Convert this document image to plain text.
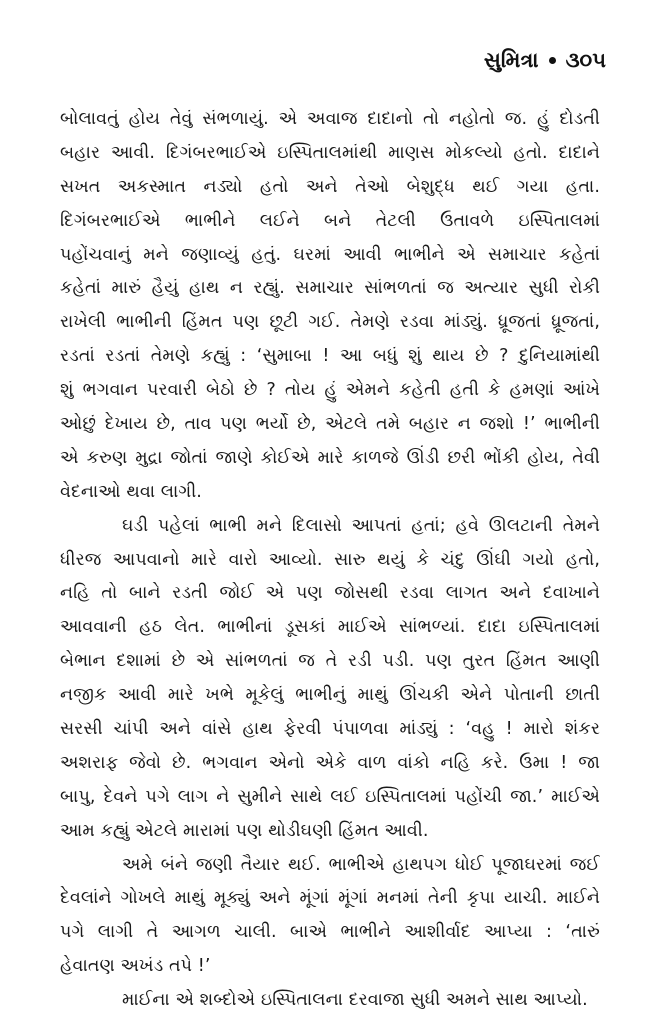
સુમિત્રા ૩૦૫
બોલાવતું હોય તેવું સંભળાયું. એ અવાજ દાદાનો તો નહોતો જ. હું દોડતી
બહાર આવી. દિગંબરભાઈએ ઇસ્પિતાલમાંથી માણસ મોકલ્યો હતો. દાદાને
સખત અકસ્માત નડ્યો હતો અને તેઓ બેશુદ્ધ થઈ ગયા હતા.
દિગંબરભાઈએ ભાભીને લઈને બને તેટલી ઉતાવળે ઇસ્પિતાલમાં
પહોંચવાનું મને જણાવ્યું હતું. ઘરમાં આવી ભાભીને એ સમાચાર કહેતાં
કહેતાં મારું હૈયું હાથ ન રહ્યું. સમાચાર સાંભળતાં જ અત્યાર સુધી રોકી
રાખેલી ભાભીની હિંમત પણ છૂટી ગઈ. તેમણે રડવા માંડ્યું. ધ્રૂજતાં ધ્રૂજતાં,
રડતાં રડતાં તેમણે કહ્યું : ‘સુમાબા ! આ બધું શું થાય છે ? દુનિયામાંથી
શું ભગવાન પરવારી બેઠો છે ? તોય હું એમને કહેતી હતી કે હમણાં આંખે
ઓછું દેખાય છે, તાવ પણ ભર્યો છે, એટલે તમે બહાર ન જશો !’ ભાભીની
એ કરુણ મુદ્રા જોતાં જાણે કોઈએ મારે કાળજે ઊંડી છરી ભોંકી હોય, તેવી
વેદનાઓ થવા લાગી.
ઘડી પહેલાં ભાભી મને દિલાસો આપતાં હતાં; હવે ઊલટાની તેમને
ધીરજ આપવાનો મારે વારો આવ્યો. સારુ થયું કે ચંદુ ઊંઘી ગયો હતો,
નહિ તો બાને રડતી જોઈ એ પણ જોસથી રડવા લાગત અને દવાખાને
આવવાની હઠ લેત. ભાભીનાં ડૂસકાં માઈએ સાંભળ્યાં. દાદા ઇસ્પિતાલમાં
બેભાન દશામાં છે એ સાંભળતાં જ તે રડી પડી. પણ તુરત હિંમત આણી
નજીક આવી મારે ખભે મૂકેલું ભાભીનું માથું ઊંચકી એને પોતાની છાતી
સરસી ચાંપી અને વાંસે હાથ ફેરવી પંપાળવા માંડ્યું : ‘વહુ ! મારો શંકર
અશરાફ જેવો છે. ભગવાન એનો એકે વાળ વાંકો નહિ કરે. ઉમા ! જા
બાપુ, દેવને પગે લાગ ને સુમીને સાથે લઈ ઇસ્પિતાલમાં પહોંચી જા.’ માઈએ
આમ કહ્યું એટલે મારામાં પણ થોડીઘણી હિંમત આવી.
અમે બંને જણી તૈયાર થઈ. ભાભીએ હાથપગ ધોઈ પૂજાઘરમાં જઈ
દેવલાંને ગોખલે માથું મૂક્યું અને મૂંગાં મૂંગાં મનમાં તેની કૃપા યાચી. માઈને
પગે લાગી તે આગળ ચાલી. બાએ ભાભીને આશીર્વાદ આપ્યા : ‘તારું
હેવાતણ અખંડ તપે !’
માઈના એ શબ્દોએ ઇસ્પિતાલના દરવાજા સુધી અમને સાથ આપ્યો.
